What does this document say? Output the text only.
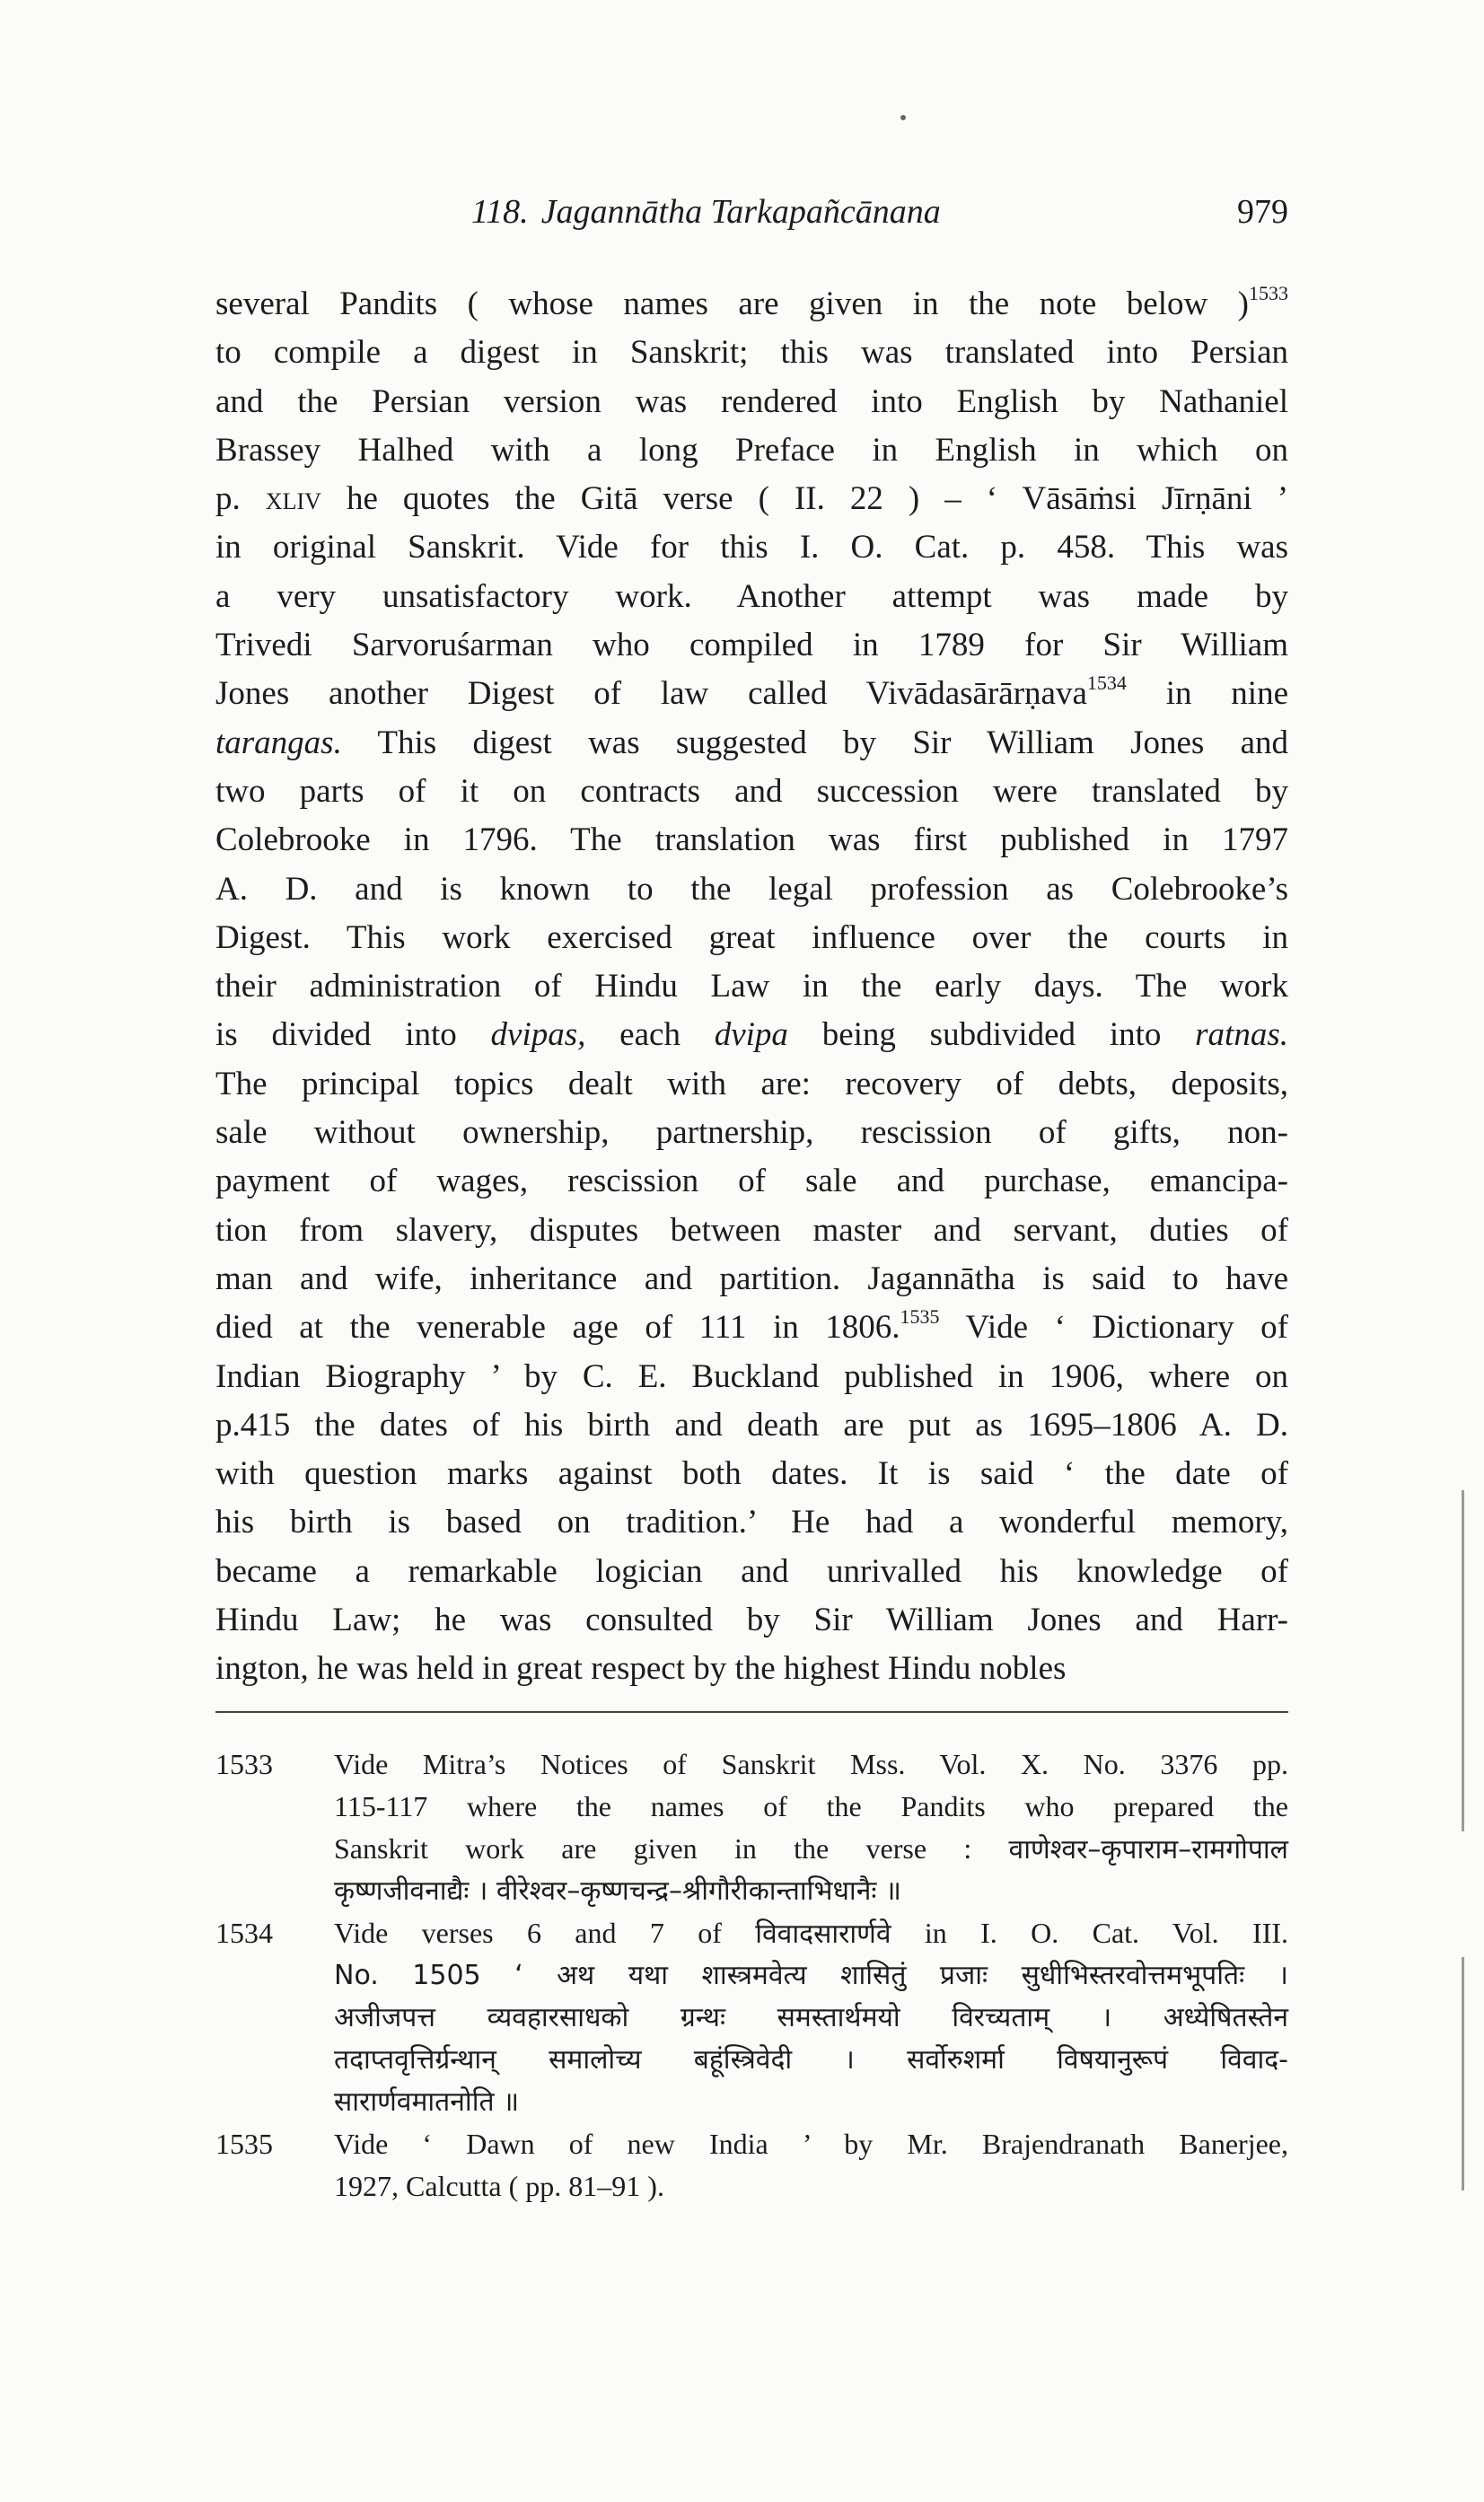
118. Jagannātha Tarkapañcānana	979
several Pandits ( whose names are given in the note below )$^{1533}$
to compile a digest in Sanskrit; this was translated into Persian
and the Persian version was rendered into English by Nathaniel
Brassey Halhed with a long Preface in English in which on
p. xliv he quotes the Gitā verse ( II. 22 ) – ‘ Vāsāṁsi Jīrṇāni ’
in original Sanskrit. Vide for this I. O. Cat. p. 458. This was
a very unsatisfactory work. Another attempt was made by
Trivedi Sarvoruśarman who compiled in 1789 for Sir William
Jones another Digest of law called Vivādasārārṇava$^{1534}$ in nine
tarangas. This digest was suggested by Sir William Jones and
two parts of it on contracts and succession were translated by
Colebrooke in 1796. The translation was first published in 1797
A. D. and is known to the legal profession as Colebrooke’s
Digest. This work exercised great influence over the courts in
their administration of Hindu Law in the early days. The work
is divided into dvipas, each dvipa being subdivided into ratnas.
The principal topics dealt with are: recovery of debts, deposits,
sale without ownership, partnership, rescission of gifts, non-
payment of wages, rescission of sale and purchase, emancipa-
tion from slavery, disputes between master and servant, duties of
man and wife, inheritance and partition. Jagannātha is said to have
died at the venerable age of 111 in 1806.$^{1535}$ Vide ‘ Dictionary of
Indian Biography ’ by C. E. Buckland published in 1906, where on
p.415 the dates of his birth and death are put as 1695–1806 A. D.
with question marks against both dates. It is said ‘ the date of
his birth is based on tradition.’ He had a wonderful memory,
became a remarkable logician and unrivalled his knowledge of
Hindu Law; he was consulted by Sir William Jones and Harr-
ington, he was held in great respect by the highest Hindu nobles
1533	Vide Mitra’s Notices of Sanskrit Mss. Vol. X. No. 3376 pp.
115-117 where the names of the Pandits who prepared the
Sanskrit work are given in the verse : वाणेश्वर–कृपाराम–रामगोपाल
कृष्णजीवनाद्यैः । वीरेश्वर–कृष्णचन्द्र–श्रीगौरीकान्ताभिधानैः ॥
1534	Vide verses 6 and 7 of विवादसारार्णवे in I. O. Cat. Vol. III.
No. 1505 ‘ अथ यथा शास्त्रमवेत्य शासितुं प्रजाः सुधीभिस्तरवोत्तमभूपतिः ।
अजीजपत्त व्यवहारसाधको ग्रन्थः समस्तार्थमयो विरच्यताम् । अध्येषितस्तेन
तदाप्तवृत्तिर्ग्रन्थान् समालोच्य बहूंस्त्रिवेदी । सर्वोरुशर्मा विषयानुरूपं विवाद-
सारार्णवमातनोति ॥
1535	Vide ‘ Dawn of new India ’ by Mr. Brajendranath Banerjee,
1927, Calcutta ( pp. 81–91 ).
